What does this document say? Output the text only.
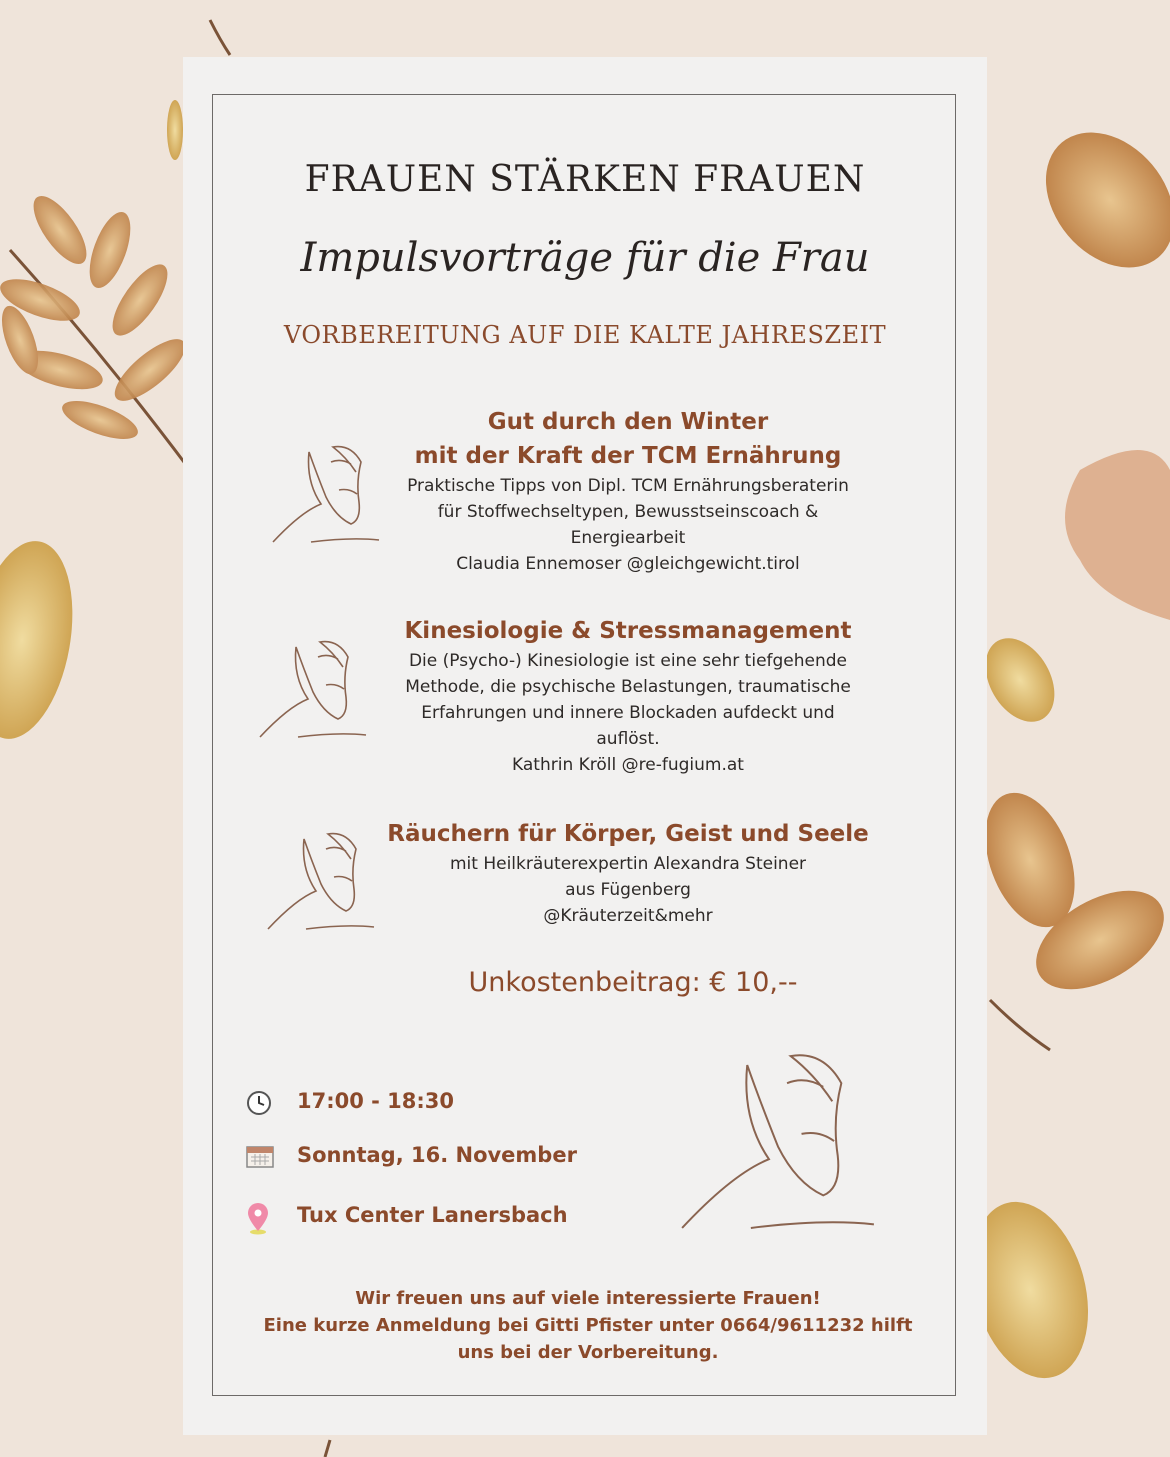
FRAUEN STÄRKEN FRAUEN
Impulsvorträge für die Frau
VORBEREITUNG AUF DIE KALTE JAHRESZEIT
Gut durch den Winter
mit der Kraft der TCM Ernährung

Praktische Tipps von Dipl. TCM Ernährungsberaterin

für Stoffwechseltypen, Bewusstseinscoach &

Energiearbeit

Claudia Ennemoser @gleichgewicht.tirol

Kinesiologie & Stressmanagement

Die (Psycho-) Kinesiologie ist eine sehr tiefgehende

Methode, die psychische Belastungen, traumatische

Erfahrungen und innere Blockaden aufdeckt und

auflöst.

Kathrin Kröll @re-fugium.at

Räuchern für Körper, Geist und Seele

mit Heilkräuterexpertin Alexandra Steiner

aus Fügenberg

@Kräuterzeit&mehr

Unkostenbeitrag: € 10,--
17:00 - 18:30
Sonntag, 16. November
Tux Center Lanersbach
Wir freuen uns auf viele interessierte Frauen!
Eine kurze Anmeldung bei Gitti Pfister unter 0664/9611232 hilft
uns bei der Vorbereitung.
